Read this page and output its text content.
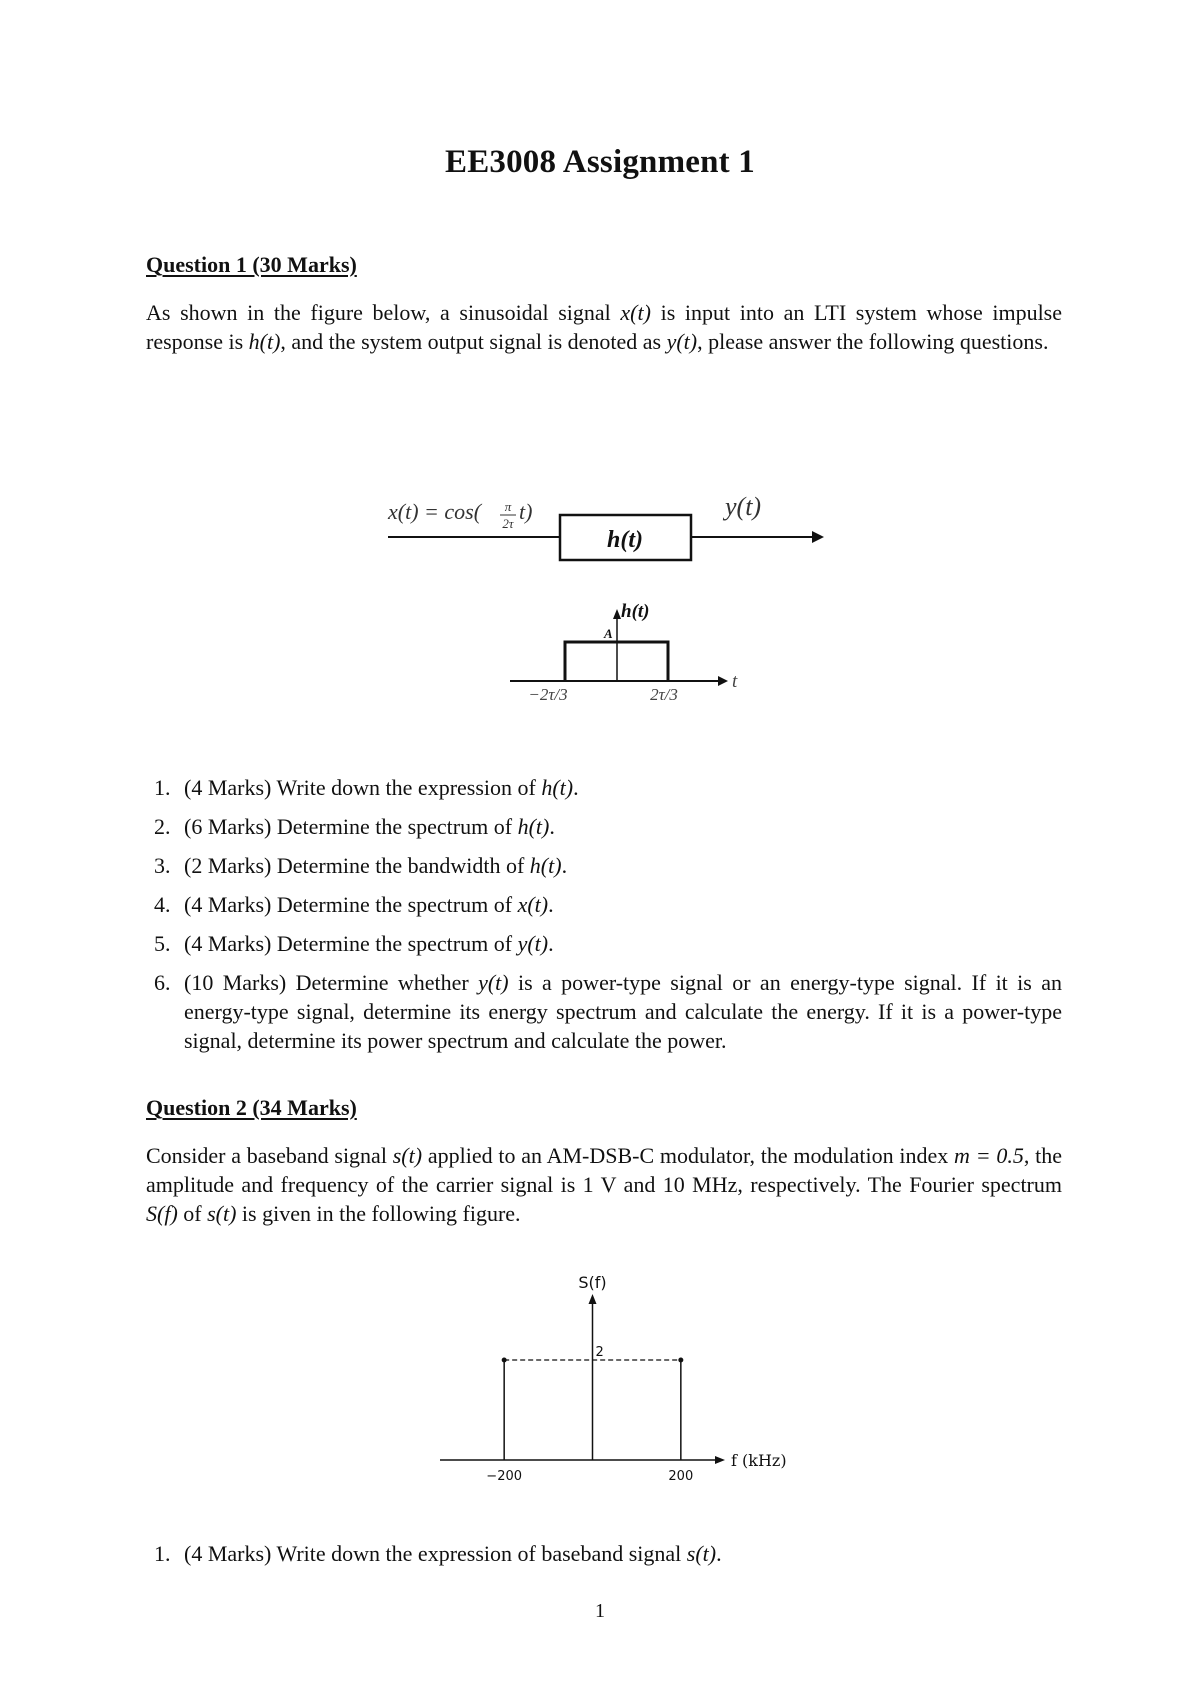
EE3008 Assignment 1
Question 1 (30 Marks)
As shown in the figure below, a sinusoidal signal x(t) is input into an LTI system whose impulse response is h(t), and the system output signal is denoted as y(t), please answer the following questions.
x(t) = cos( π
2τ t)
h(t)
y(t)
h(t)
A
−2τ/3	2τ/3
t
1. (4 Marks) Write down the expression of h(t).
2. (6 Marks) Determine the spectrum of h(t).
3. (2 Marks) Determine the bandwidth of h(t).
4. (4 Marks) Determine the spectrum of x(t).
5. (4 Marks) Determine the spectrum of y(t).
6. (10 Marks) Determine whether y(t) is a power-type signal or an energy-type signal. If it is an energy-type signal, determine its energy spectrum and calculate the energy. If it is a power-type signal, determine its power spectrum and calculate the power.
Question 2 (34 Marks)
Consider a baseband signal s(t) applied to an AM-DSB-C modulator, the modulation index m = 0.5, the amplitude and frequency of the carrier signal is 1 V and 10 MHz, respectively. The Fourier spectrum S(f) of s(t) is given in the following figure.
S(f)
f (kHz)
2
−200	200
1. (4 Marks) Write down the expression of baseband signal s(t).
1
